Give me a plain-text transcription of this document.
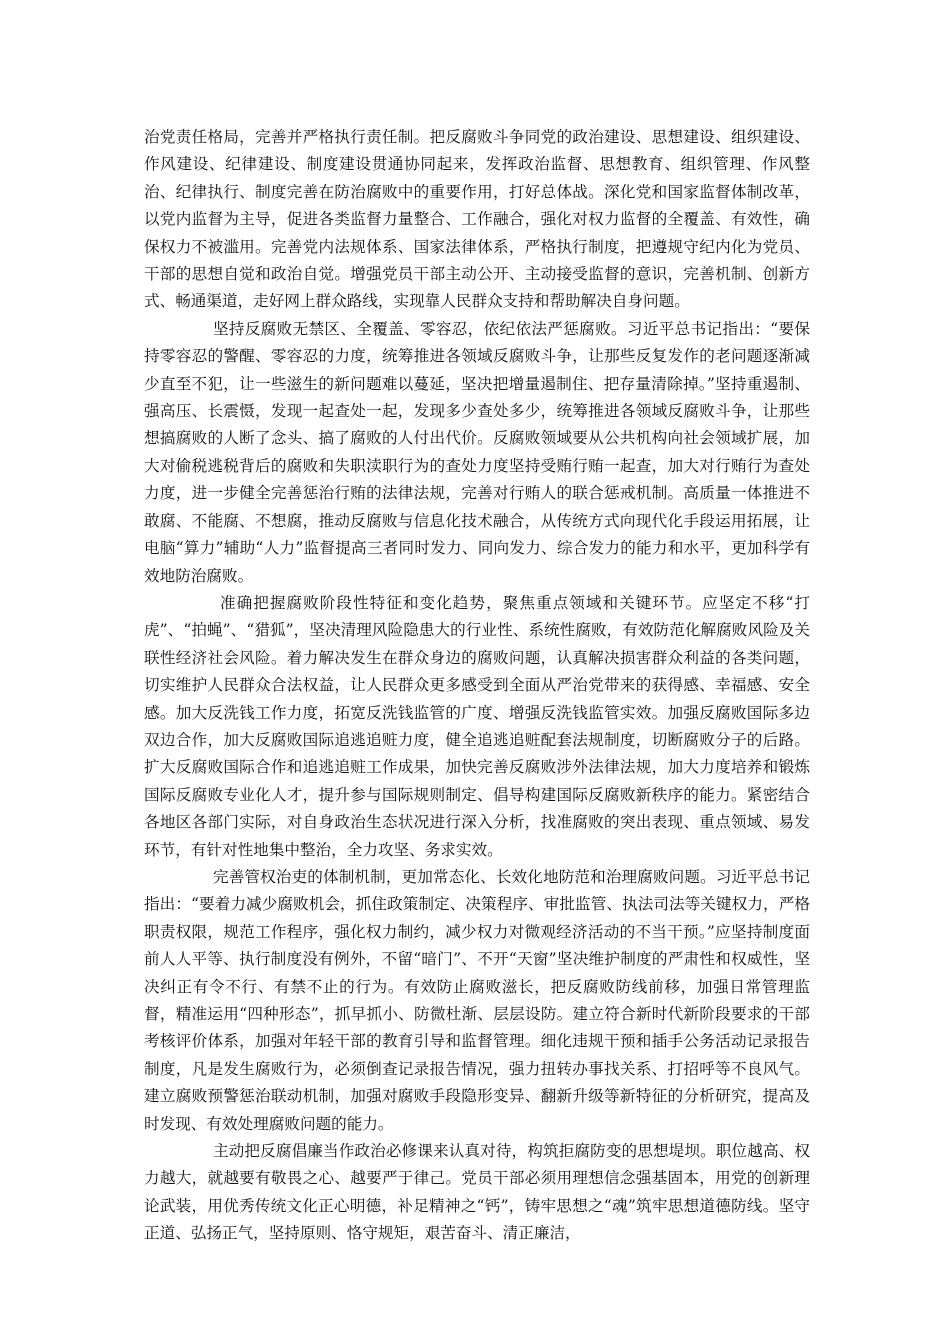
治党责任格局，完善并严格执行责任制。把反腐败斗争同党的政治建设、思想建设、组织建设、作风建设、纪律建设、制度建设贯通协同起来，发挥政治监督、思想教育、组织管理、作风整治、纪律执行、制度完善在防治腐败中的重要作用，打好总体战。深化党和国家监督体制改革，以党内监督为主导，促进各类监督力量整合、工作融合，强化对权力监督的全覆盖、有效性，确保权力不被滥用。完善党内法规体系、国家法律体系，严格执行制度，把遵规守纪内化为党员、干部的思想自觉和政治自觉。增强党员干部主动公开、主动接受监督的意识，完善机制、创新方式、畅通渠道，走好网上群众路线，实现靠人民群众支持和帮助解决自身问题。

坚持反腐败无禁区、全覆盖、零容忍，依纪依法严惩腐败。习近平总书记指出：“要保持零容忍的警醒、零容忍的力度，统筹推进各领域反腐败斗争，让那些反复发作的老问题逐渐减少直至不犯，让一些滋生的新问题难以蔓延，坚决把增量遏制住、把存量清除掉。”坚持重遏制、强高压、长震慑，发现一起查处一起，发现多少查处多少，统筹推进各领域反腐败斗争，让那些想搞腐败的人断了念头、搞了腐败的人付出代价。反腐败领域要从公共机构向社会领域扩展，加大对偷税逃税背后的腐败和失职渎职行为的查处力度坚持受贿行贿一起查，加大对行贿行为查处力度，进一步健全完善惩治行贿的法律法规，完善对行贿人的联合惩戒机制。高质量一体推进不敢腐、不能腐、不想腐，推动反腐败与信息化技术融合，从传统方式向现代化手段运用拓展，让电脑“算力”辅助“人力”监督提高三者同时发力、同向发力、综合发力的能力和水平，更加科学有效地防治腐败。

准确把握腐败阶段性特征和变化趋势，聚焦重点领域和关键环节。应坚定不移“打虎”、“拍蝇”、“猎狐”，坚决清理风险隐患大的行业性、系统性腐败，有效防范化解腐败风险及关联性经济社会风险。着力解决发生在群众身边的腐败问题，认真解决损害群众利益的各类问题，切实维护人民群众合法权益，让人民群众更多感受到全面从严治党带来的获得感、幸福感、安全感。加大反洗钱工作力度，拓宽反洗钱监管的广度、增强反洗钱监管实效。加强反腐败国际多边双边合作，加大反腐败国际追逃追赃力度，健全追逃追赃配套法规制度，切断腐败分子的后路。扩大反腐败国际合作和追逃追赃工作成果，加快完善反腐败涉外法律法规，加大力度培养和锻炼国际反腐败专业化人才，提升参与国际规则制定、倡导构建国际反腐败新秩序的能力。紧密结合各地区各部门实际，对自身政治生态状况进行深入分析，找准腐败的突出表现、重点领域、易发环节，有针对性地集中整治，全力攻坚、务求实效。

完善管权治吏的体制机制，更加常态化、长效化地防范和治理腐败问题。习近平总书记指出：“要着力减少腐败机会，抓住政策制定、决策程序、审批监管、执法司法等关键权力，严格职责权限，规范工作程序，强化权力制约，减少权力对微观经济活动的不当干预。”应坚持制度面前人人平等、执行制度没有例外，不留“暗门”、不开“天窗”坚决维护制度的严肃性和权威性，坚决纠正有令不行、有禁不止的行为。有效防止腐败滋长，把反腐败防线前移，加强日常管理监督，精准运用“四种形态”，抓早抓小、防微杜渐、层层设防。建立符合新时代新阶段要求的干部考核评价体系，加强对年轻干部的教育引导和监督管理。细化违规干预和插手公务活动记录报告制度，凡是发生腐败行为，必须倒查记录报告情况，强力扭转办事找关系、打招呼等不良风气。建立腐败预警惩治联动机制，加强对腐败手段隐形变异、翻新升级等新特征的分析研究，提高及时发现、有效处理腐败问题的能力。

主动把反腐倡廉当作政治必修课来认真对待，构筑拒腐防变的思想堤坝。职位越高、权力越大，就越要有敬畏之心、越要严于律己。党员干部必须用理想信念强基固本，用党的创新理论武装，用优秀传统文化正心明德，补足精神之“钙”，铸牢思想之“魂”筑牢思想道德防线。坚守正道、弘扬正气，坚持原则、恪守规矩，艰苦奋斗、清正廉洁，
